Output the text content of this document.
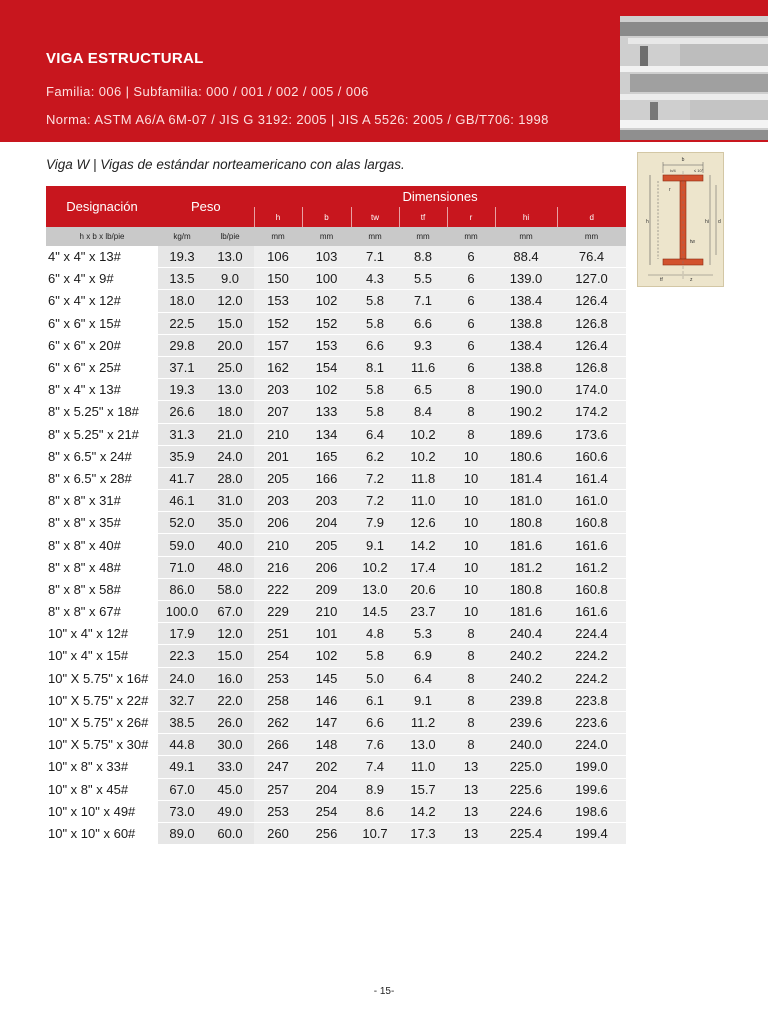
VIGA ESTRUCTURAL
Familia: 006 | Subfamilia: 000 / 001 / 002 / 005 / 006
Norma: ASTM A6/A 6M-07 / JIS G 3192: 2005 | JIS A 5526: 2005 / GB/T706: 1998
Viga W | Vigas de estándar norteamericano con alas largas.	b
b/4	≤ 10°
r
h	hi d
tw
tf	z
Designación	Peso		Dimensiones						
			h	b	tw	tf	r	hi	d
h x b x lb/pie	kg/m	lb/pie	mm	mm	mm	mm	mm	mm	mm
4" x 4" x 13#	19.3	13.0	106	103	7.1	8.8	6	88.4	76.4
6" x 4" x 9#	13.5	9.0	150	100	4.3	5.5	6	139.0	127.0
6" x 4" x 12#	18.0	12.0	153	102	5.8	7.1	6	138.4	126.4
6" x 6" x 15#	22.5	15.0	152	152	5.8	6.6	6	138.8	126.8
6" x 6" x 20#	29.8	20.0	157	153	6.6	9.3	6	138.4	126.4
6" x 6" x 25#	37.1	25.0	162	154	8.1	11.6	6	138.8	126.8
8" x 4" x 13#	19.3	13.0	203	102	5.8	6.5	8	190.0	174.0
8" x 5.25" x 18#	26.6	18.0	207	133	5.8	8.4	8	190.2	174.2
8" x 5.25" x 21#	31.3	21.0	210	134	6.4	10.2	8	189.6	173.6
8" x 6.5" x 24#	35.9	24.0	201	165	6.2	10.2	10	180.6	160.6
8" x 6.5" x 28#	41.7	28.0	205	166	7.2	11.8	10	181.4	161.4
8" x 8" x 31#	46.1	31.0	203	203	7.2	11.0	10	181.0	161.0
8" x 8" x 35#	52.0	35.0	206	204	7.9	12.6	10	180.8	160.8
8" x 8" x 40#	59.0	40.0	210	205	9.1	14.2	10	181.6	161.6
8" x 8" x 48#	71.0	48.0	216	206	10.2	17.4	10	181.2	161.2
8" x 8" x 58#	86.0	58.0	222	209	13.0	20.6	10	180.8	160.8
8" x 8" x 67#	100.0	67.0	229	210	14.5	23.7	10	181.6	161.6
10" x 4" x 12#	17.9	12.0	251	101	4.8	5.3	8	240.4	224.4
10" x 4" x 15#	22.3	15.0	254	102	5.8	6.9	8	240.2	224.2
10" X 5.75" x 16#	24.0	16.0	253	145	5.0	6.4	8	240.2	224.2
10" X 5.75" x 22#	32.7	22.0	258	146	6.1	9.1	8	239.8	223.8
10" X 5.75" x 26#	38.5	26.0	262	147	6.6	11.2	8	239.6	223.6
10" X 5.75" x 30#	44.8	30.0	266	148	7.6	13.0	8	240.0	224.0
10" x 8" x 33#	49.1	33.0	247	202	7.4	11.0	13	225.0	199.0
10" x 8" x 45#	67.0	45.0	257	204	8.9	15.7	13	225.6	199.6
10" x 10" x 49#	73.0	49.0	253	254	8.6	14.2	13	224.6	198.6
10" x 10" x 60#	89.0	60.0	260	256	10.7	17.3	13	225.4	199.4
- 15-
